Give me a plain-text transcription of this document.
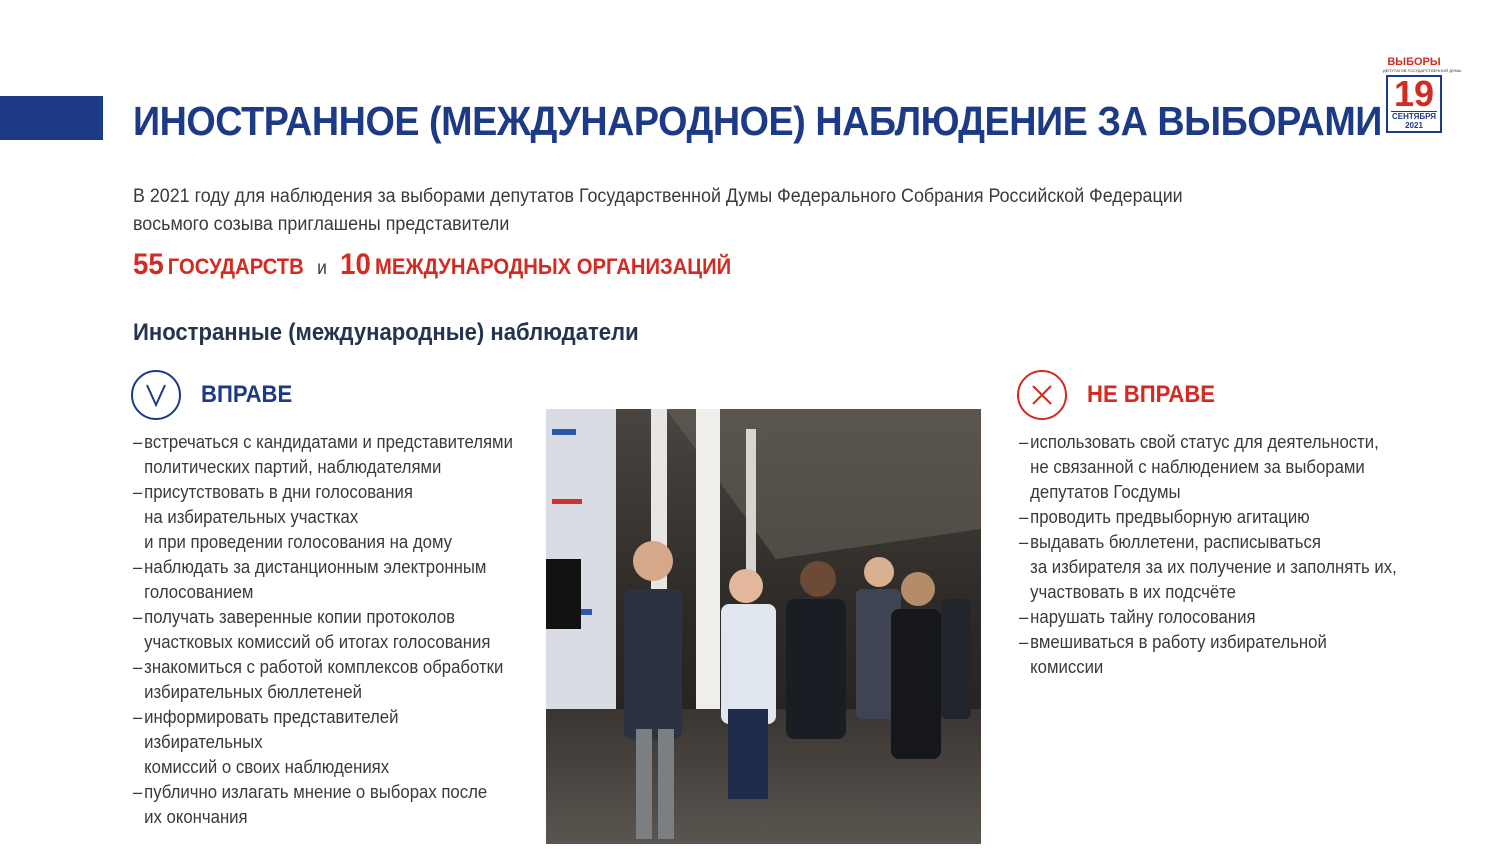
ИНОСТРАННОЕ (МЕЖДУНАРОДНОЕ) НАБЛЮДЕНИЕ ЗА ВЫБОРАМИ
ВЫБОРЫ
ДЕПУТАТОВ ГОСУДАРСТВЕННОЙ ДУМЫ
19
СЕНТЯБРЯ
2021
В 2021 году для наблюдения за выборами депутатов Государственной Думы Федерального Собрания Российской Федерации восьмого созыва приглашены представители
55 ГОСУДАРСТВ и 10 МЕЖДУНАРОДНЫХ ОРГАНИЗАЦИЙ
Иностранные (международные) наблюдатели
ВПРАВЕ
– встречаться с кандидатами и представителями
политических партий, наблюдателями
– присутствовать в дни голосования
на избирательных участках
и при проведении голосования на дому
– наблюдать за дистанционным электронным
голосованием
– получать заверенные копии протоколов
участковых комиссий об итогах голосования
– знакомиться с работой комплексов обработки
избирательных бюллетеней
– информировать представителей избирательных
комиссий о своих наблюдениях
– публично излагать мнение о выборах после
их окончания
НЕ ВПРАВЕ
– использовать свой статус для деятельности,
не связанной с наблюдением за выборами
депутатов Госдумы
– проводить предвыборную агитацию
– выдавать бюллетени, расписываться
за избирателя за их получение и заполнять их,
участвовать в их подсчёте
– нарушать тайну голосования
– вмешиваться в работу избирательной
комиссии
